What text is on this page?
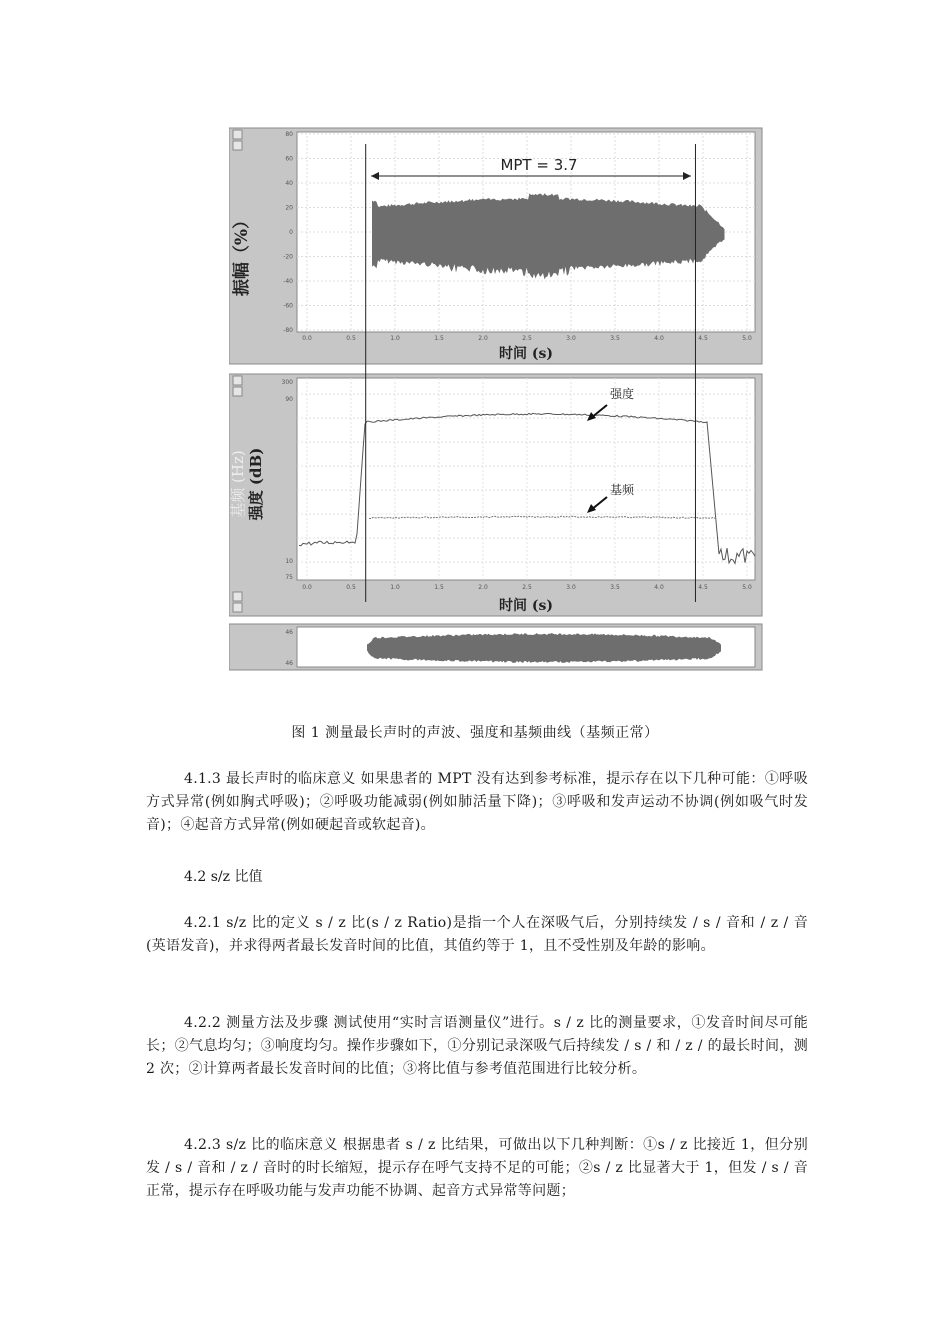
80
60
40
20
0
-20
-40
-60
-80
0.0	0.5	1.0	1.5	2.0	2.5	3.0	3.5	4.0	4.5	5.0
振幅（%）
时间 (s)
MPT = 3.7
300
90
10
75
0.0	0.5	1.0	1.5	2.0	2.5	3.0	3.5	4.0	4.5	5.0
基频 (Hz) 强度 (dB)
时间 (s)
强度
基频
46
46
图 1 测量最长声时的声波、强度和基频曲线（基频正常）
4.1.3 最长声时的临床意义 如果患者的 MPT 没有达到参考标准，提示存在以下几种可能：①呼吸方式异常(例如胸式呼吸)；②呼吸功能减弱(例如肺活量下降)；③呼吸和发声运动不协调(例如吸气时发音)；④起音方式异常(例如硬起音或软起音)。
4.2 s/z 比值
4.2.1 s/z 比的定义 s / z 比(s / z Ratio)是指一个人在深吸气后，分别持续发 / s / 音和 / z / 音(英语发音)，并求得两者最长发音时间的比值，其值约等于 1，且不受性别及年龄的影响。
4.2.2 测量方法及步骤 测试使用“实时言语测量仪”进行。s / z 比的测量要求，①发音时间尽可能长；②气息均匀；③响度均匀。操作步骤如下，①分别记录深吸气后持续发 / s / 和 / z / 的最长时间，测 2 次；②计算两者最长发音时间的比值；③将比值与参考值范围进行比较分析。
4.2.3 s/z 比的临床意义 根据患者 s / z 比结果，可做出以下几种判断：①s / z 比接近 1，但分别发 / s / 音和 / z / 音时的时长缩短，提示存在呼气支持不足的可能；②s / z 比显著大于 1，但发 / s / 音正常，提示存在呼吸功能与发声功能不协调、起音方式异常等问题；
